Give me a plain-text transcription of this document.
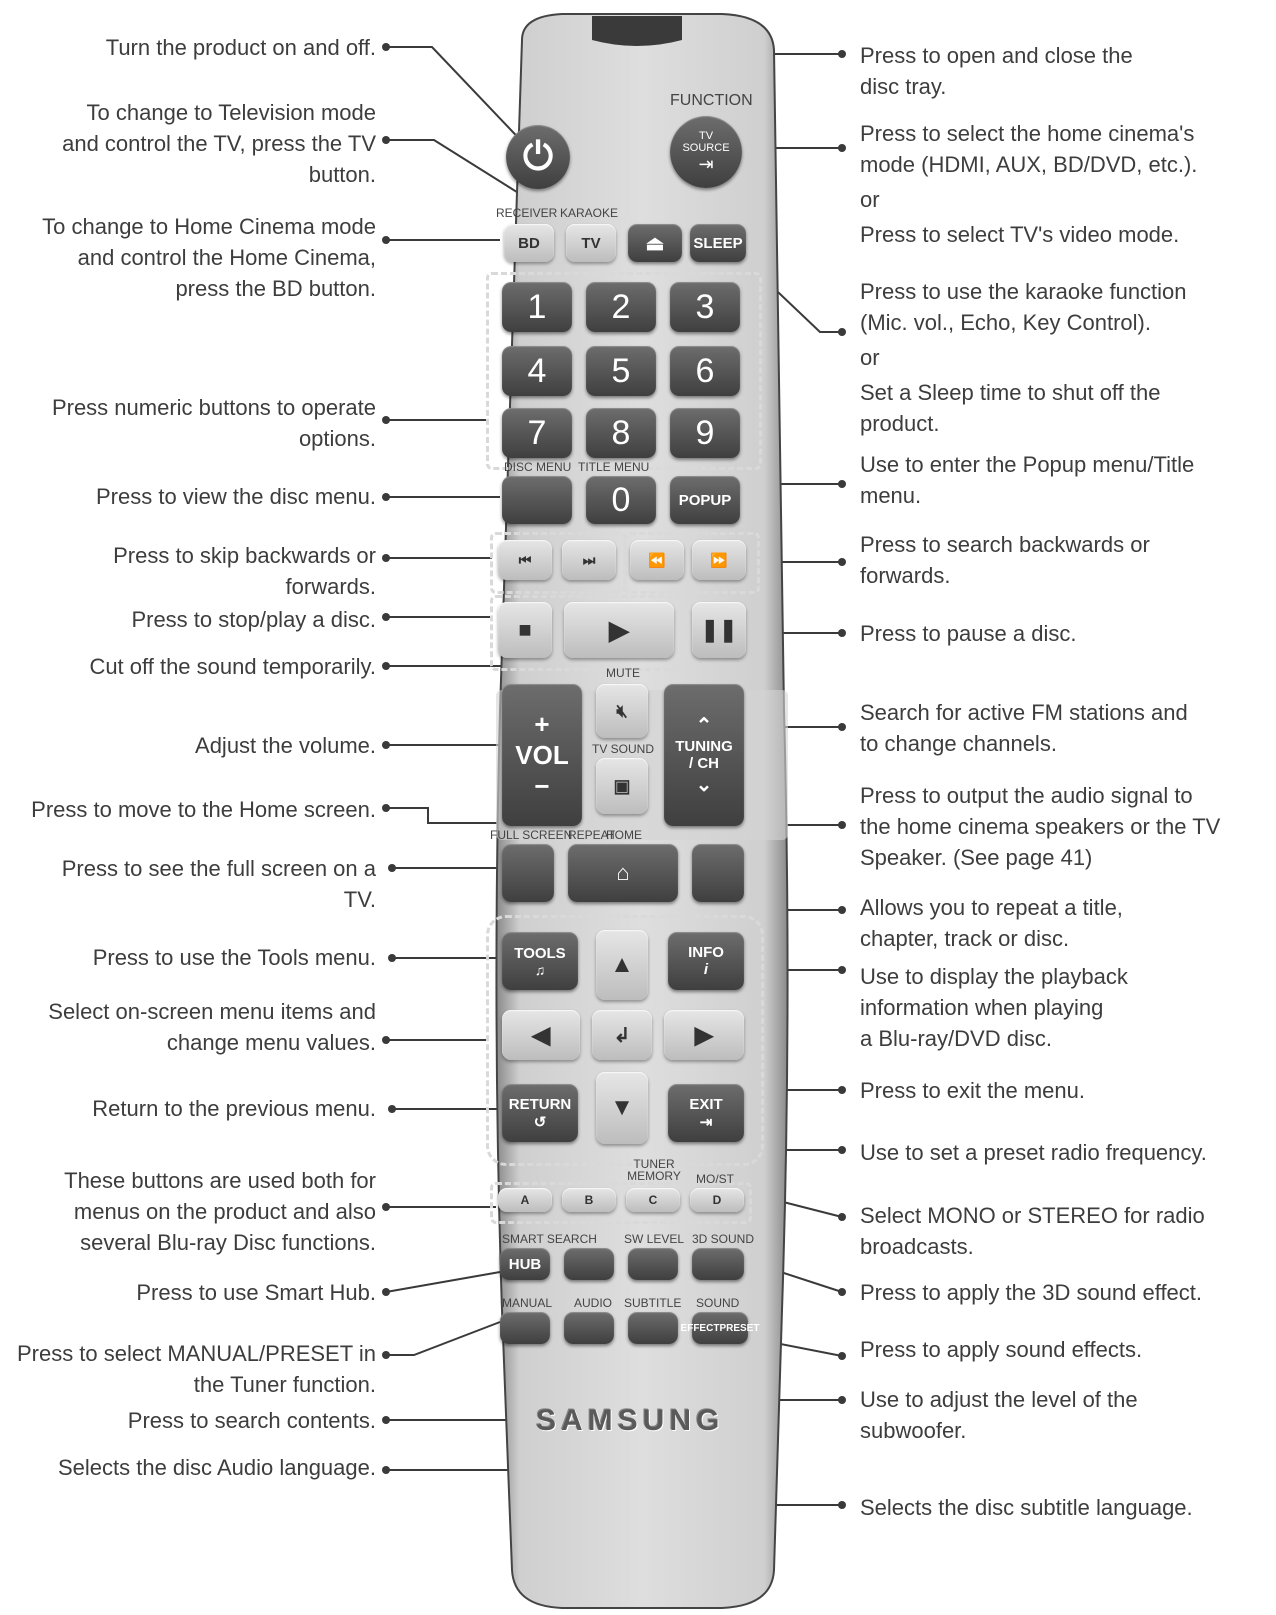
Turn the product on and off.
To change to Television mode
and control the TV, press the TV
button.
To change to Home Cinema mode
and control the Home Cinema,
press the BD button.
Press numeric buttons to operate
options.
Press to view the disc menu.
Press to skip backwards or
forwards.
Press to stop/play a disc.
Cut off the sound temporarily.
Adjust the volume.
Press to move to the Home screen.
Press to see the full screen on a
TV.
Press to use the Tools menu.
Select on-screen menu items and
change menu values.
Return to the previous menu.
These buttons are used both for
menus on the product and also
several Blu-ray Disc functions.
Press to use Smart Hub.
Press to select MANUAL/PRESET in
the Tuner function.
Press to search contents.
Selects the disc Audio language.
Press to open and close the
disc tray.
Press to select the home cinema's
mode (HDMI, AUX, BD/DVD, etc.).
or
Press to select TV's video mode.
Press to use the karaoke function
(Mic. vol., Echo, Key Control).
or
Set a Sleep time to shut off the
product.
Use to enter the Popup menu/Title
menu.
Press to search backwards or
forwards.
Press to pause a disc.
Search for active FM stations and
to change channels.
Press to output the audio signal to
the home cinema speakers or the TV
Speaker. (See page 41)
Allows you to repeat a title,
chapter, track or disc.
Use to display the playback
information when playing
a Blu-ray/DVD disc.
Press to exit the menu.
Use to set a preset radio frequency.
Select MONO or STEREO for radio
broadcasts.
Press to apply the 3D sound effect.
Press to apply sound effects.
Use to adjust the level of the
subwoofer.
Selects the disc subtitle language.
⏻
FUNCTION
TV
SOURCE
⇥
RECEIVER KARAOKE
BD	TV	⏏ SLEEP
1	2	3
4	5	6
7	8	9
DISC MENU TITLE MENU
0	POPUP
⏮	⏭	⏪	⏩
■	▶	❚❚
MUTE
+
VOL
−
🔇︎
TV SOUND
▣
⌃
TUNING
/ CH
⌄
FULL SCREEN
REPEAT
HOME
⌂
TOOLS
♫
INFO
i
▲
◀	↲	▶
▼
RETURN
↺
EXIT
⇥
TUNER MEMORY MO/ST
A	B	C	D
SMART SEARCH SW LEVEL 3D SOUND
HUB
MANUAL AUDIO SUBTITLE SOUND
EFFECT PRESET
SAMSUNG
